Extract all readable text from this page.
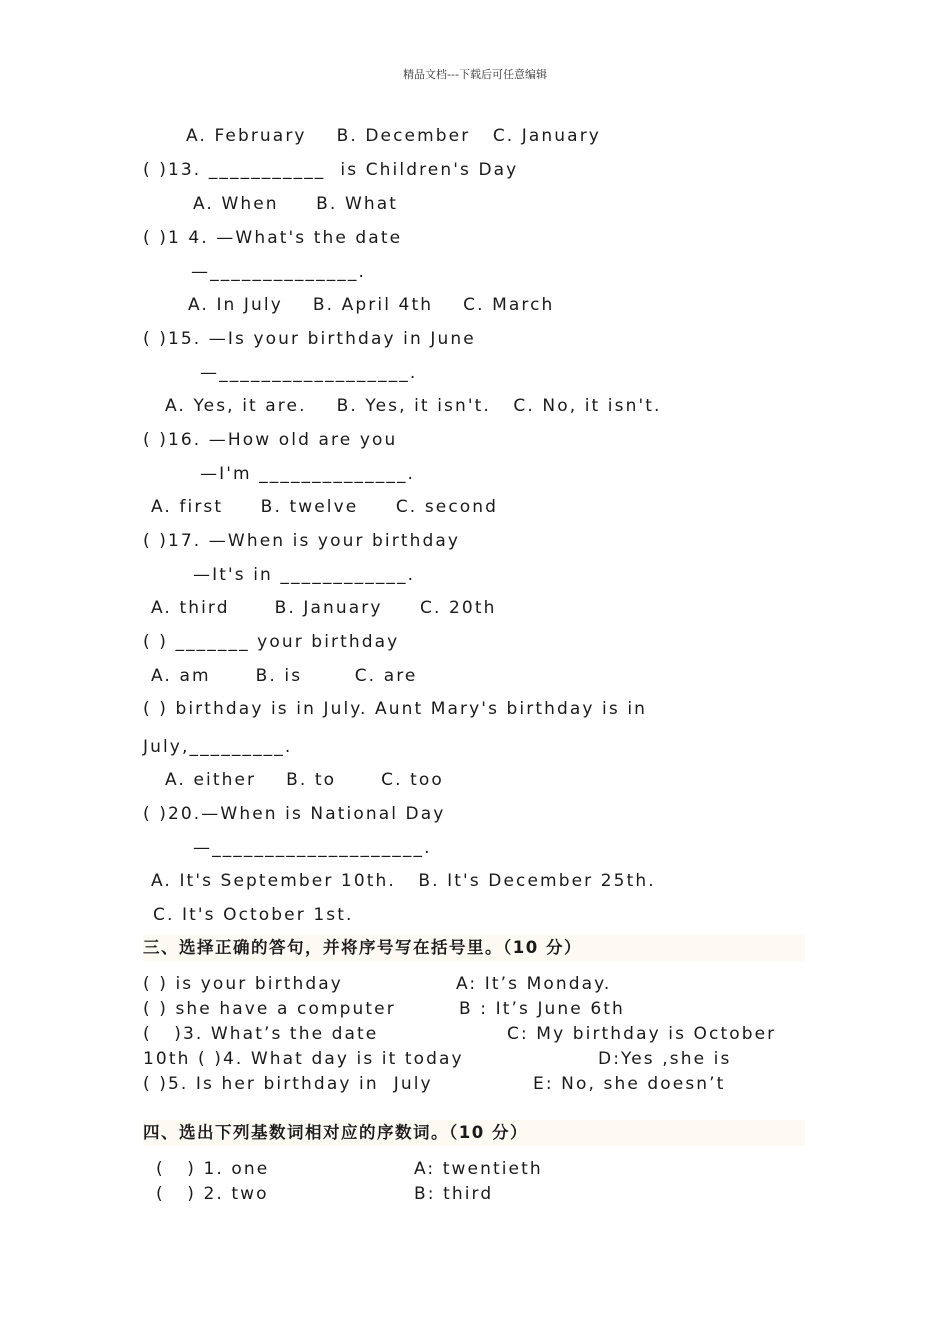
精品文档---下载后可任意编辑
A. February    B. December   C. January
( )13. ___________  is Children's Day
A. When     B. What
( )1 4. —What's the date
—______________.
A. In July    B. April 4th    C. March
( )15. —Is your birthday in June
—__________________.
A. Yes, it are.    B. Yes, it isn't.   C. No, it isn't.
( )16. —How old are you
—I'm ______________.
A. first     B. twelve     C. second
( )17. —When is your birthday
—It's in ____________.
A. third      B. January     C. 20th
( ) _______ your birthday
A. am      B. is       C. are
( ) birthday is in July. Aunt Mary's birthday is in
July,_________.
A. either    B. to      C. too
( )20.—When is National Day
—____________________.
A. It's September 10th.   B. It's December 25th.
C. It's October 1st.
三、选择正确的答句，并将序号写在括号里。（10 分）
( ) is your birthday	A: It’s Monday.
( ) she have a computer	B : It’s June 6th
(   )3. What’s the date	C: My birthday is October
10th ( )4. What day is it today	D:Yes ,she is
( )5. Is her birthday in  July	E: No, she doesn’t
四、选出下列基数词相对应的序数词。（10 分）
(   ) 1. one	A: twentieth
(   ) 2. two	B: third
